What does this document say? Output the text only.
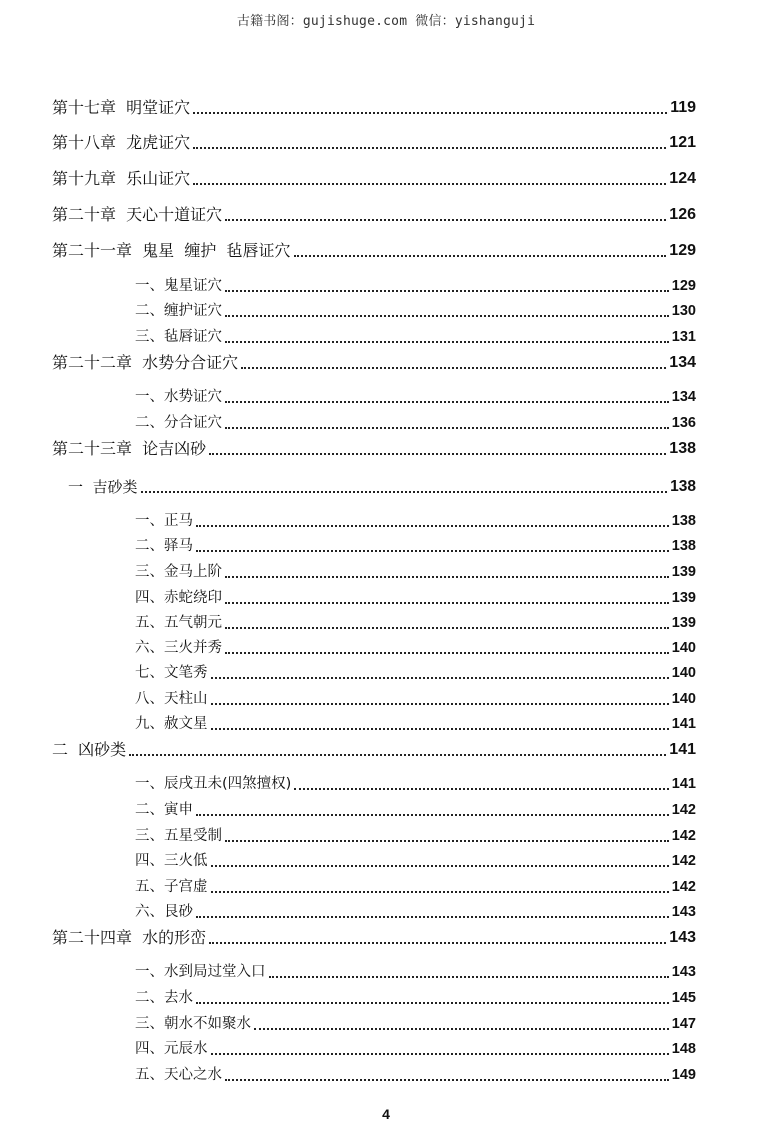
古籍书阁：gujishuge.com 微信：yishanguji
第十七章  明堂证穴	119
第十八章  龙虎证穴	121
第十九章  乐山证穴	124
第二十章  天心十道证穴	126
第二十一章  鬼星  缠护  毡唇证穴	129
一、鬼星证穴	129
二、缠护证穴	130
三、毡唇证穴	131
第二十二章  水势分合证穴	134
一、水势证穴	134
二、分合证穴	136
第二十三章  论吉凶砂	138
一  吉砂类	138
一、正马	138
二、驿马	138
三、金马上阶	139
四、赤蛇绕印	139
五、五气朝元	139
六、三火并秀	140
七、文笔秀	140
八、天柱山	140
九、赦文星	141
二  凶砂类	141
一、辰戌丑未(四煞擅权)	141
二、寅申	142
三、五星受制	142
四、三火低	142
五、子宫虚	142
六、艮砂	143
第二十四章  水的形峦	143
一、水到局过堂入口	143
二、去水	145
三、朝水不如聚水	147
四、元辰水	148
五、天心之水	149
4
